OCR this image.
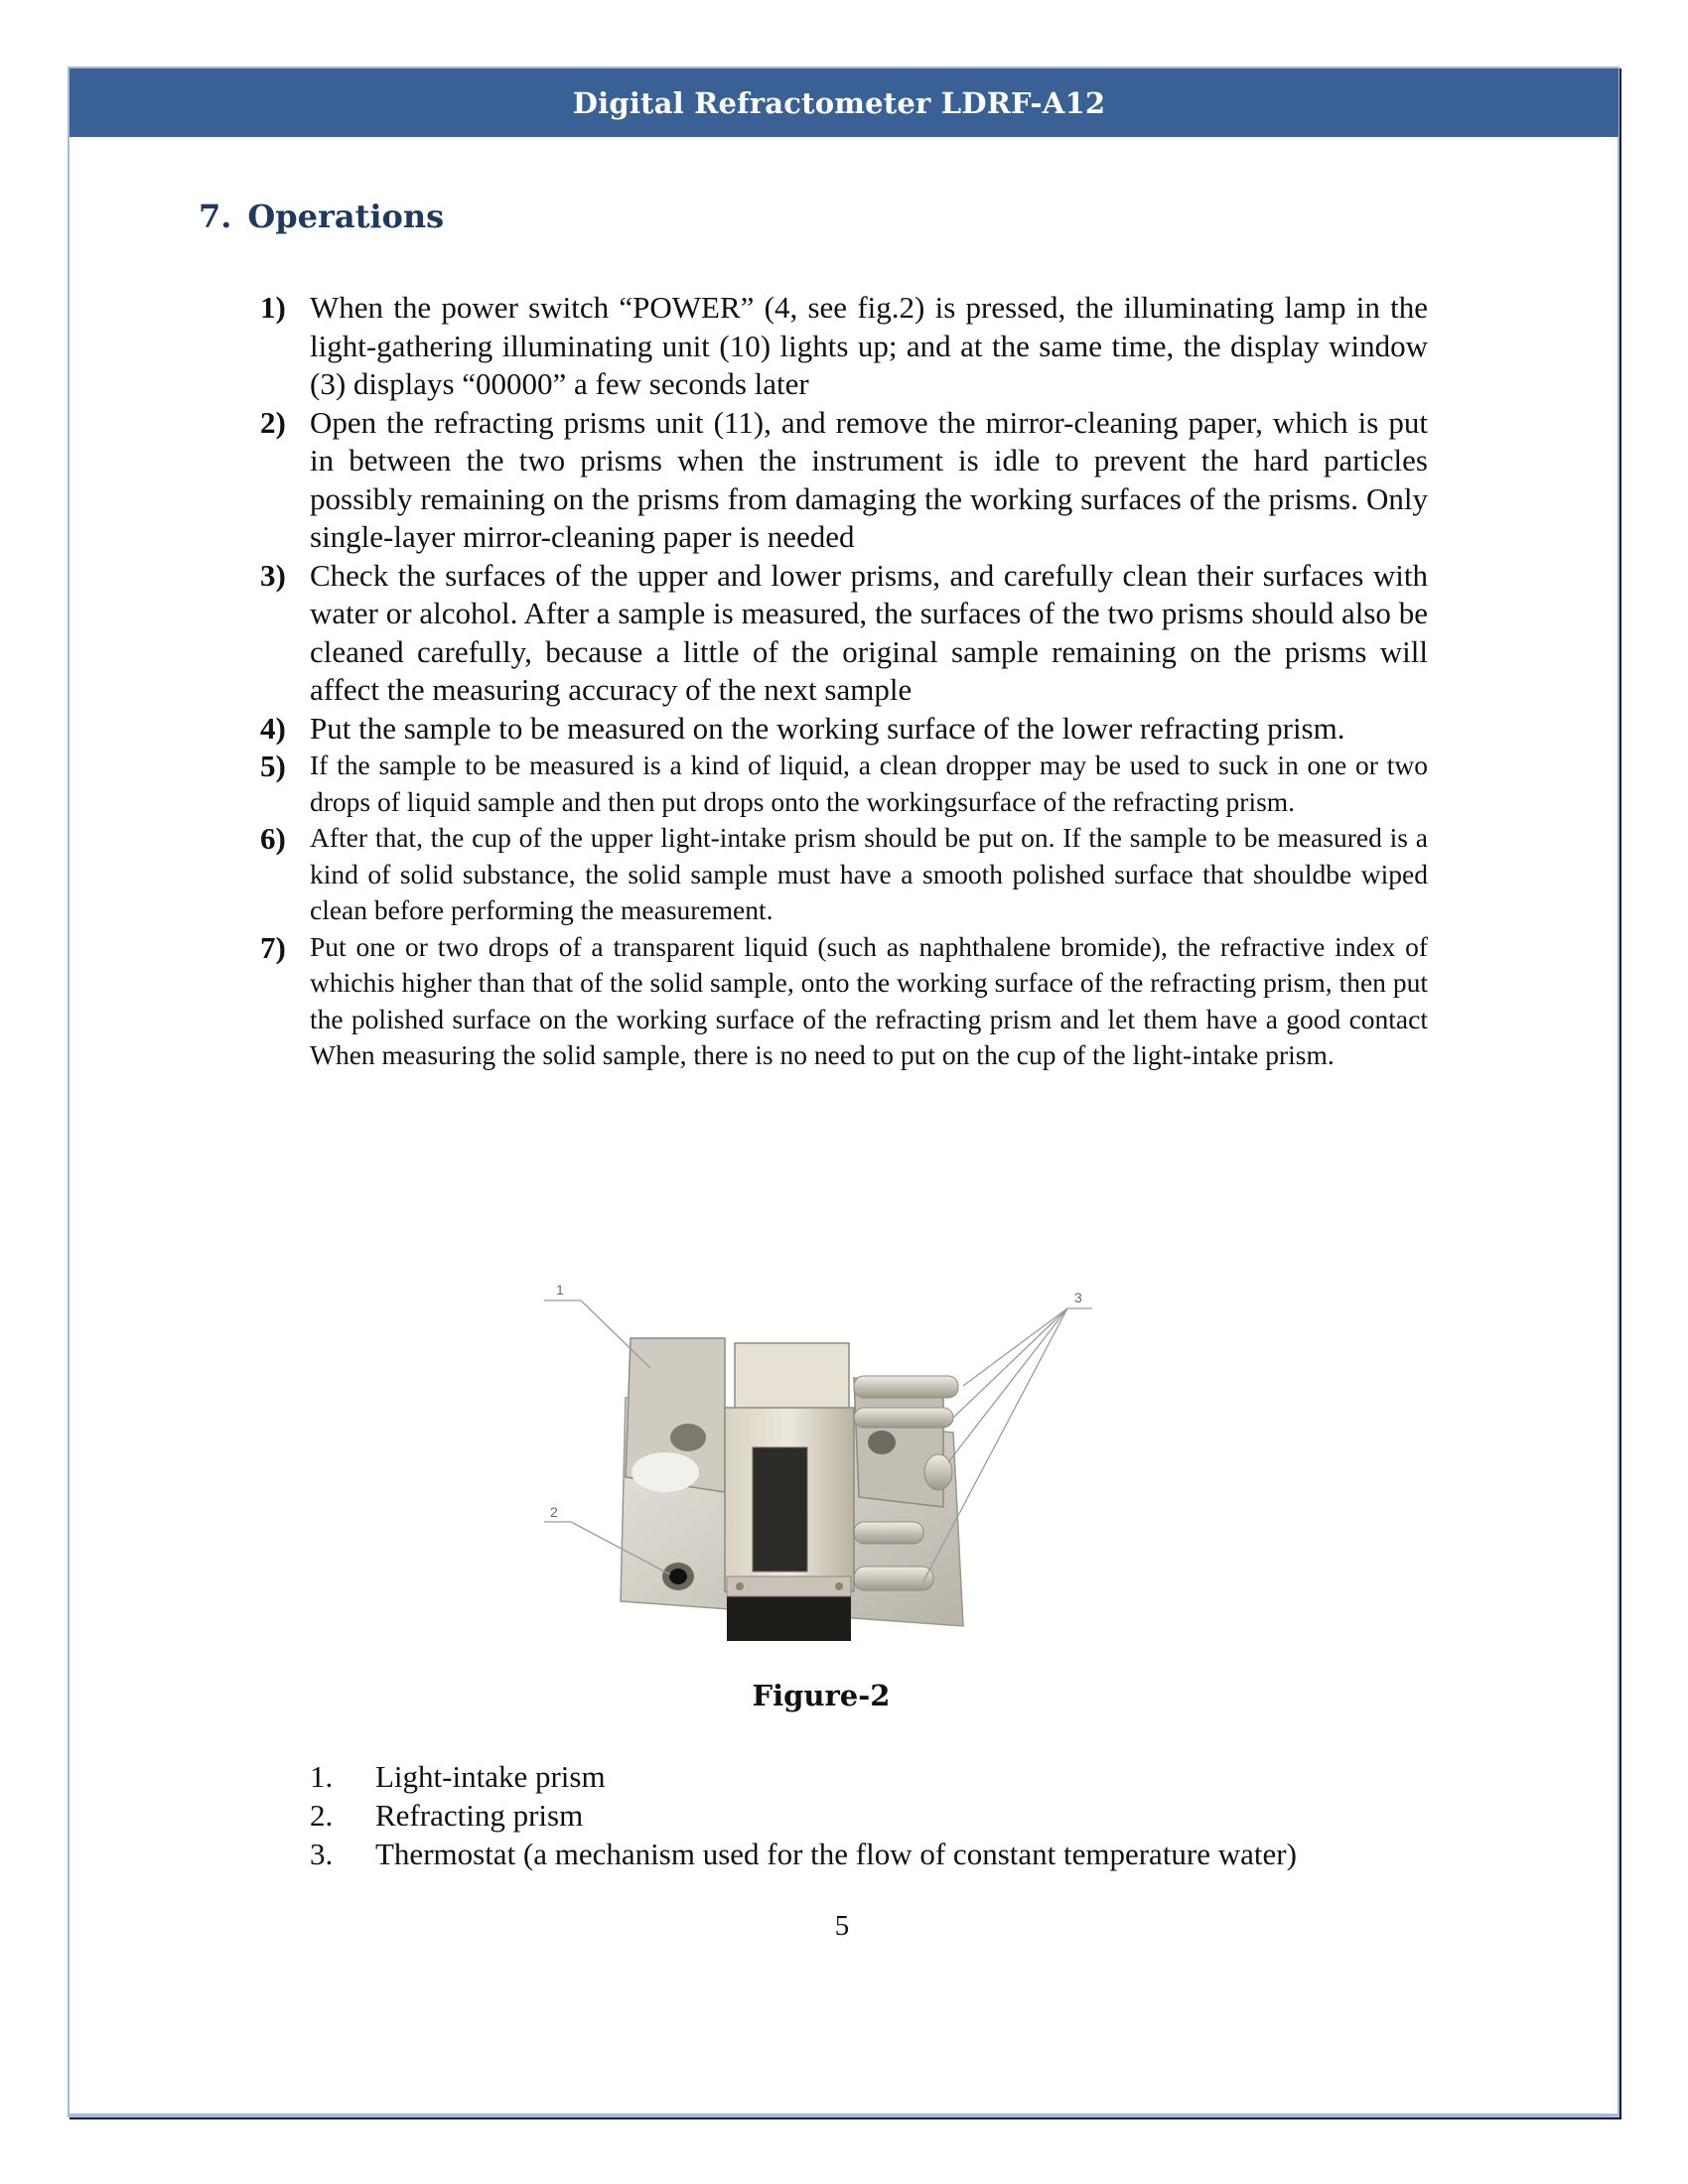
Digital Refractometer LDRF-A12
7. Operations
1) When the power switch “POWER” (4, see fig.2) is pressed, the illuminating lamp in the light-gathering illuminating unit (10) lights up; and at the same time, the display window (3) displays “00000” a few seconds later
2) Open the refracting prisms unit (11), and remove the mirror-cleaning paper, which is put in between the two prisms when the instrument is idle to prevent the hard particles possibly remaining on the prisms from damaging the working surfaces of the prisms. Only single-layer mirror-cleaning paper is needed
3) Check the surfaces of the upper and lower prisms, and carefully clean their surfaces with water or alcohol. After a sample is measured, the surfaces of the two prisms should also be cleaned carefully, because a little of the original sample remaining on the prisms will affect the measuring accuracy of the next sample
4) Put the sample to be measured on the working surface of the lower refracting prism.
5) If the sample to be measured is a kind of liquid, a clean dropper may be used to suck in one or two drops of liquid sample and then put drops onto the workingsurface of the refracting prism.
6) After that, the cup of the upper light-intake prism should be put on. If the sample to be measured is a kind of solid substance, the solid sample must have a smooth polished surface that shouldbe wiped clean before performing the measurement.
7) Put one or two drops of a transparent liquid (such as naphthalene bromide), the refractive index of whichis higher than that of the solid sample, onto the working surface of the refracting prism, then put the polished surface on the working surface of the refracting prism and let them have a good contact When measuring the solid sample, there is no need to put on the cup of the light-intake prism.
1
2
3
Figure-2
1.	Light-intake prism
2.	Refracting prism
3.	Thermostat (a mechanism used for the flow of constant temperature water)
5
